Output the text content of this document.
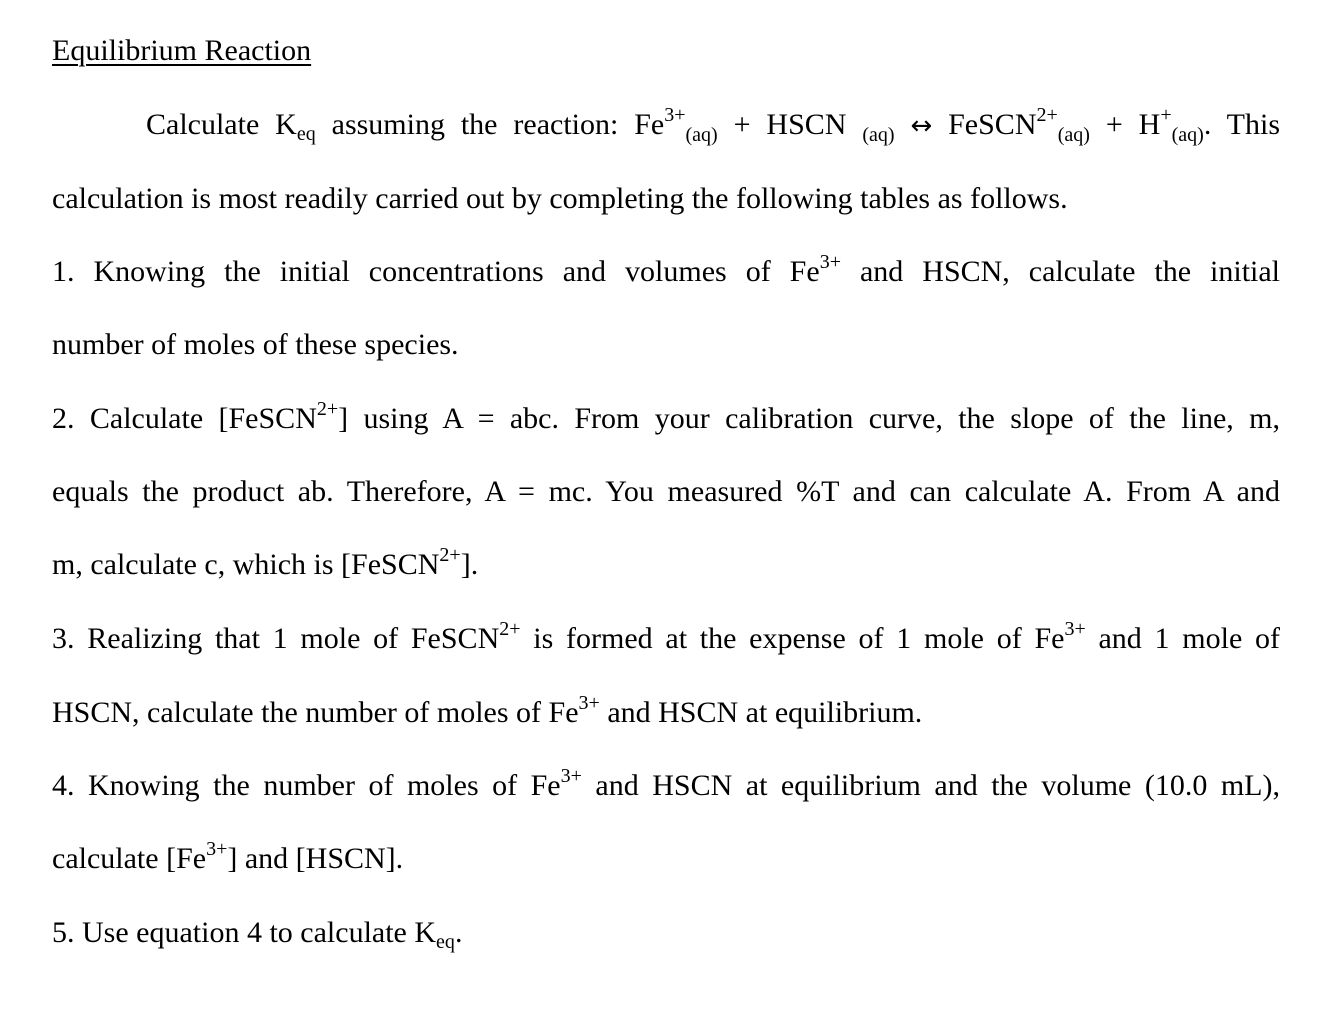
Equilibrium Reaction
Calculate $K_{eq}$ assuming the reaction: $Fe^{3+}_{(aq)}$ + HSCN $_{(aq)}$ ↔ FeSCN$^{2+}_{(aq)}$ + $H^+_{(aq)}$. This
calculation is most readily carried out by completing the following tables as follows.
1. Knowing the initial concentrations and volumes of $Fe^{3+}$ and HSCN, calculate the initial
number of moles of these species.
2. Calculate [FeSCN$^{2+}$] using A = abc. From your calibration curve, the slope of the line, m,
equals the product ab. Therefore, A = mc. You measured %T and can calculate A. From A and
m, calculate c, which is [FeSCN$^{2+}$].
3. Realizing that 1 mole of FeSCN$^{2+}$ is formed at the expense of 1 mole of $Fe^{3+}$ and 1 mole of
HSCN, calculate the number of moles of $Fe^{3+}$ and HSCN at equilibrium.
4. Knowing the number of moles of $Fe^{3+}$ and HSCN at equilibrium and the volume (10.0 mL),
calculate $[Fe^{3+}]$ and [HSCN].
5. Use equation 4 to calculate $K_{eq}$.
